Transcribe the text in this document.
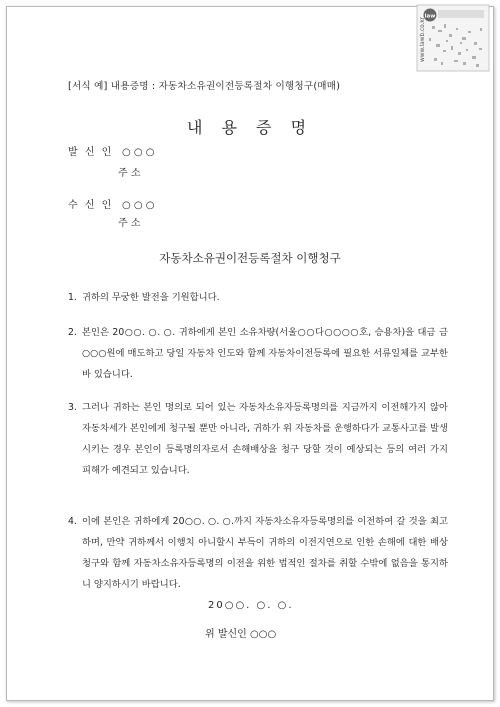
law
www.lawb.co.kr
[서식 예] 내용증명 : 자동차소유권이전등록절차 이행청구(매매)
내 용 증 명
발 신 인 ○ ○ ○
주 소
수 신 인 ○ ○ ○
주 소
자동차소유권이전등록절차 이행청구
1. 귀하의 무궁한 발전을 기원합니다.
2. 본인은 20○○. ○. ○. 귀하에게 본인 소유차량(서울○○다○○○○호, 승용차)을 대금 금○○○원에 매도하고 당일 자동차 인도와 함께 자동차이전등록에 필요한 서류일체를 교부한 바 있습니다.
3. 그러나 귀하는 본인 명의로 되어 있는 자동차소유자등록명의를 지금까지 이전해가지 않아 자동차세가 본인에게 청구될 뿐만 아니라, 귀하가 위 자동차를 운행하다가 교통사고를 발생시키는 경우 본인이 등록명의자로서 손해배상을 청구 당할 것이 예상되는 등의 여러 가지 피해가 예견되고 있습니다.
4. 이에 본인은 귀하에게 20○○. ○. ○.까지 자동차소유자등록명의를 이전하여 갈 것을 최고하며, 만약 귀하께서 이행치 아니할시 부득이 귀하의 이전지연으로 인한 손해에 대한 배상청구와 함께 자동차소유자등록명의 이전을 위한 법적인 절차를 취할 수밖에 없음을 통지하니 양지하시기 바랍니다.
20○○. ○. ○.
위 발신인 ○○○
